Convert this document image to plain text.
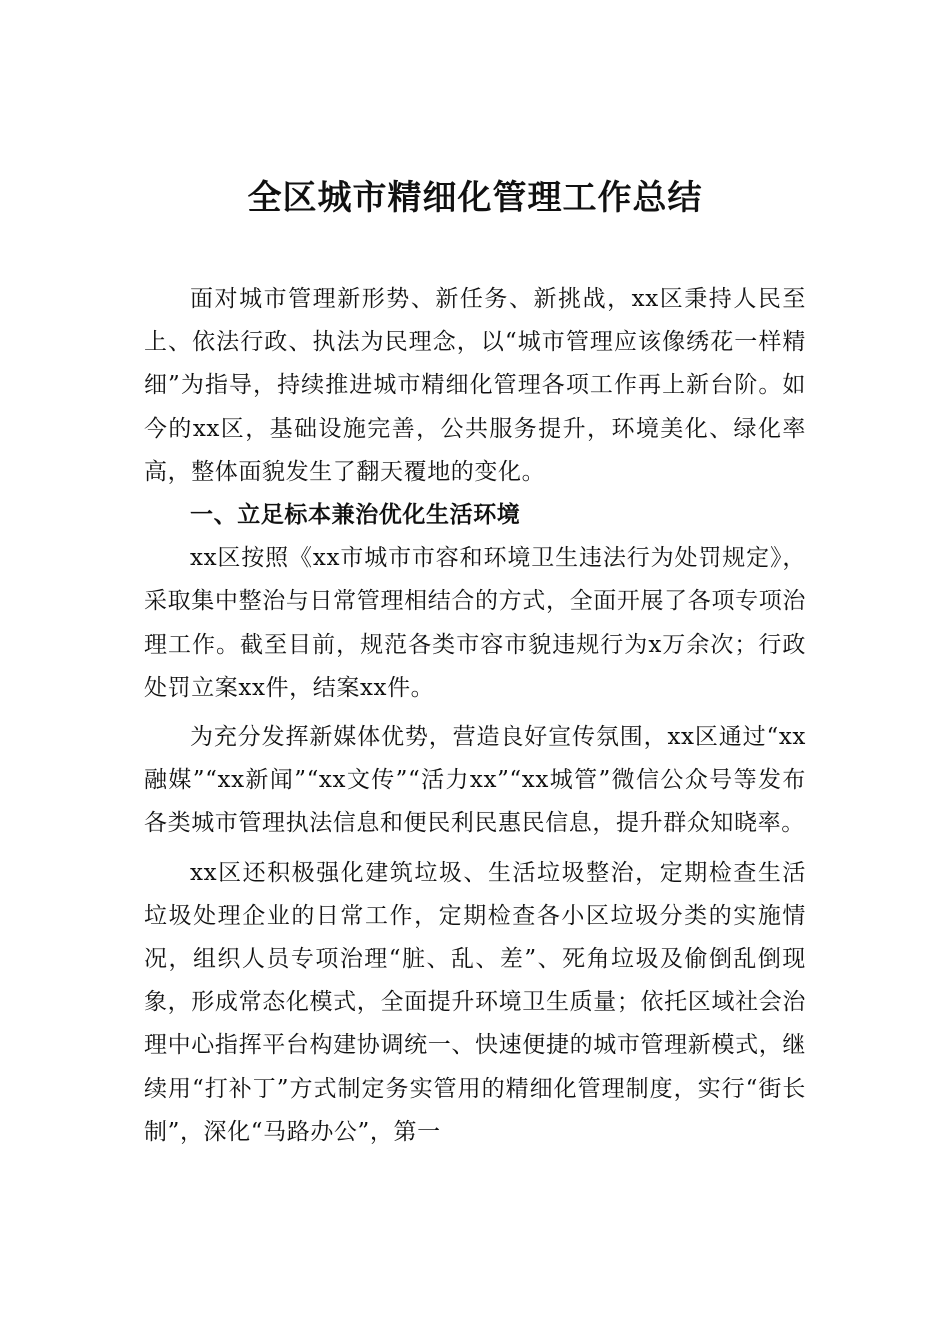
全区城市精细化管理工作总结

面对城市管理新形势、新任务、新挑战，xx区秉持人民至上、依法行政、执法为民理念，以“城市管理应该像绣花一样精细”为指导，持续推进城市精细化管理各项工作再上新台阶。如今的xx区，基础设施完善，公共服务提升，环境美化、绿化率高，整体面貌发生了翻天覆地的变化。

一、立足标本兼治优化生活环境

xx区按照《xx市城市市容和环境卫生违法行为处罚规定》，采取集中整治与日常管理相结合的方式，全面开展了各项专项治理工作。截至目前，规范各类市容市貌违规行为x万余次；行政处罚立案xx件，结案xx件。

为充分发挥新媒体优势，营造良好宣传氛围，xx区通过“xx融媒”“xx新闻”“xx文传”“活力xx”“xx城管”微信公众号等发布各类城市管理执法信息和便民利民惠民信息，提升群众知晓率。

xx区还积极强化建筑垃圾、生活垃圾整治，定期检查生活垃圾处理企业的日常工作，定期检查各小区垃圾分类的实施情况，组织人员专项治理“脏、乱、差”、死角垃圾及偷倒乱倒现象，形成常态化模式，全面提升环境卫生质量；依托区域社会治理中心指挥平台构建协调统一、快速便捷的城市管理新模式，继续用“打补丁”方式制定务实管用的精细化管理制度，实行“街长制”，深化“马路办公”，第一
